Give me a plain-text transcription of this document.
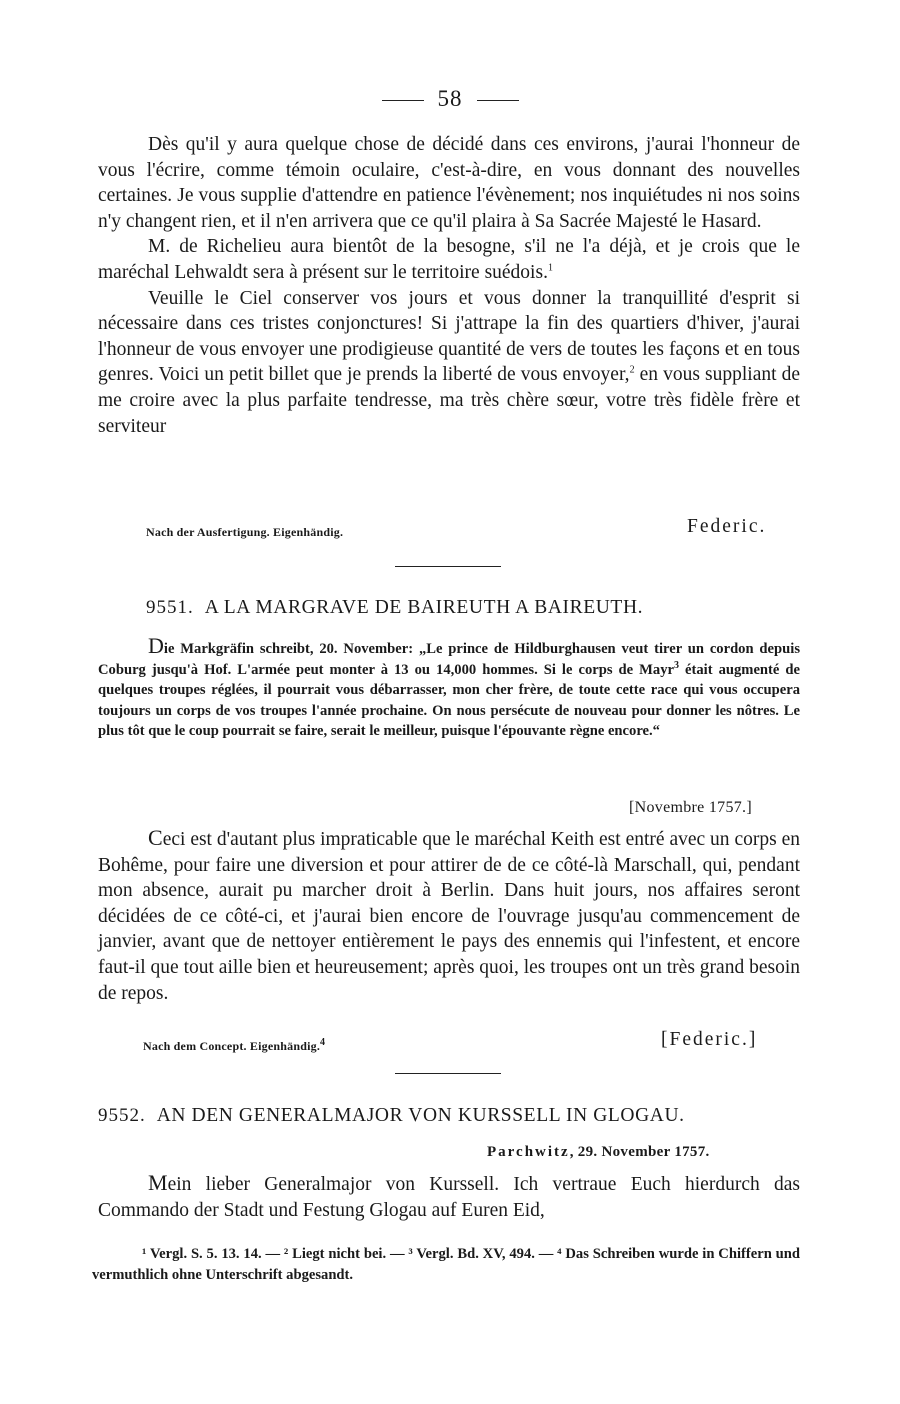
58

Dès qu'il y aura quelque chose de décidé dans ces environs, j'aurai l'honneur de vous l'écrire, comme témoin oculaire, c'est-à-dire, en vous donnant des nouvelles certaines. Je vous supplie d'attendre en patience l'évènement; nos inquiétudes ni nos soins n'y changent rien, et il n'en arrivera que ce qu'il plaira à Sa Sacrée Majesté le Hasard.

M. de Richelieu aura bientôt de la besogne, s'il ne l'a déjà, et je crois que le maréchal Lehwaldt sera à présent sur le territoire suédois.$^1$

Veuille le Ciel conserver vos jours et vous donner la tranquillité d'esprit si nécessaire dans ces tristes conjonctures! Si j'attrape la fin des quartiers d'hiver, j'aurai l'honneur de vous envoyer une prodigieuse quantité de vers de toutes les façons et en tous genres. Voici un petit billet que je prends la liberté de vous envoyer,$^2$ en vous suppliant de me croire avec la plus parfaite tendresse, ma très chère sœur, votre très fidèle frère et serviteur

Nach der Ausfertigung. Eigenhändig.	Federic.
9551. A LA MARGRAVE DE BAIREUTH A BAIREUTH.

Die Markgräfin schreibt, 20. November: „Le prince de Hildburghausen veut tirer un cordon depuis Coburg jusqu'à Hof. L'armée peut monter à 13 ou 14,000 hommes. Si le corps de Mayr$^3$ était augmenté de quelques troupes réglées, il pourrait vous débarrasser, mon cher frère, de toute cette race qui vous occupera toujours un corps de vos troupes l'année prochaine. On nous persécute de nouveau pour donner les nôtres. Le plus tôt que le coup pourrait se faire, serait le meilleur, puisque l'épouvante règne encore.“

[Novembre 1757.]

Ceci est d'autant plus impraticable que le maréchal Keith est entré avec un corps en Bohême, pour faire une diversion et pour attirer de de ce côté-là Marschall, qui, pendant mon absence, aurait pu marcher droit à Berlin. Dans huit jours, nos affaires seront décidées de ce côté-ci, et j'aurai bien encore de l'ouvrage jusqu'au commencement de janvier, avant que de nettoyer entièrement le pays des ennemis qui l'infestent, et encore faut-il que tout aille bien et heureusement; après quoi, les troupes ont un très grand besoin de repos.

Nach dem Concept. Eigenhändig.$^4$	[Federic.]
9552. AN DEN GENERALMAJOR VON KURSSELL IN GLOGAU.
Parchwitz, 29. November 1757.

Mein lieber Generalmajor von Kurssell. Ich vertraue Euch hierdurch das Commando der Stadt und Festung Glogau auf Euren Eid,

¹ Vergl. S. 5. 13. 14. — ² Liegt nicht bei. — ³ Vergl. Bd. XV, 494. — ⁴ Das Schreiben wurde in Chiffern und vermuthlich ohne Unterschrift abgesandt.
